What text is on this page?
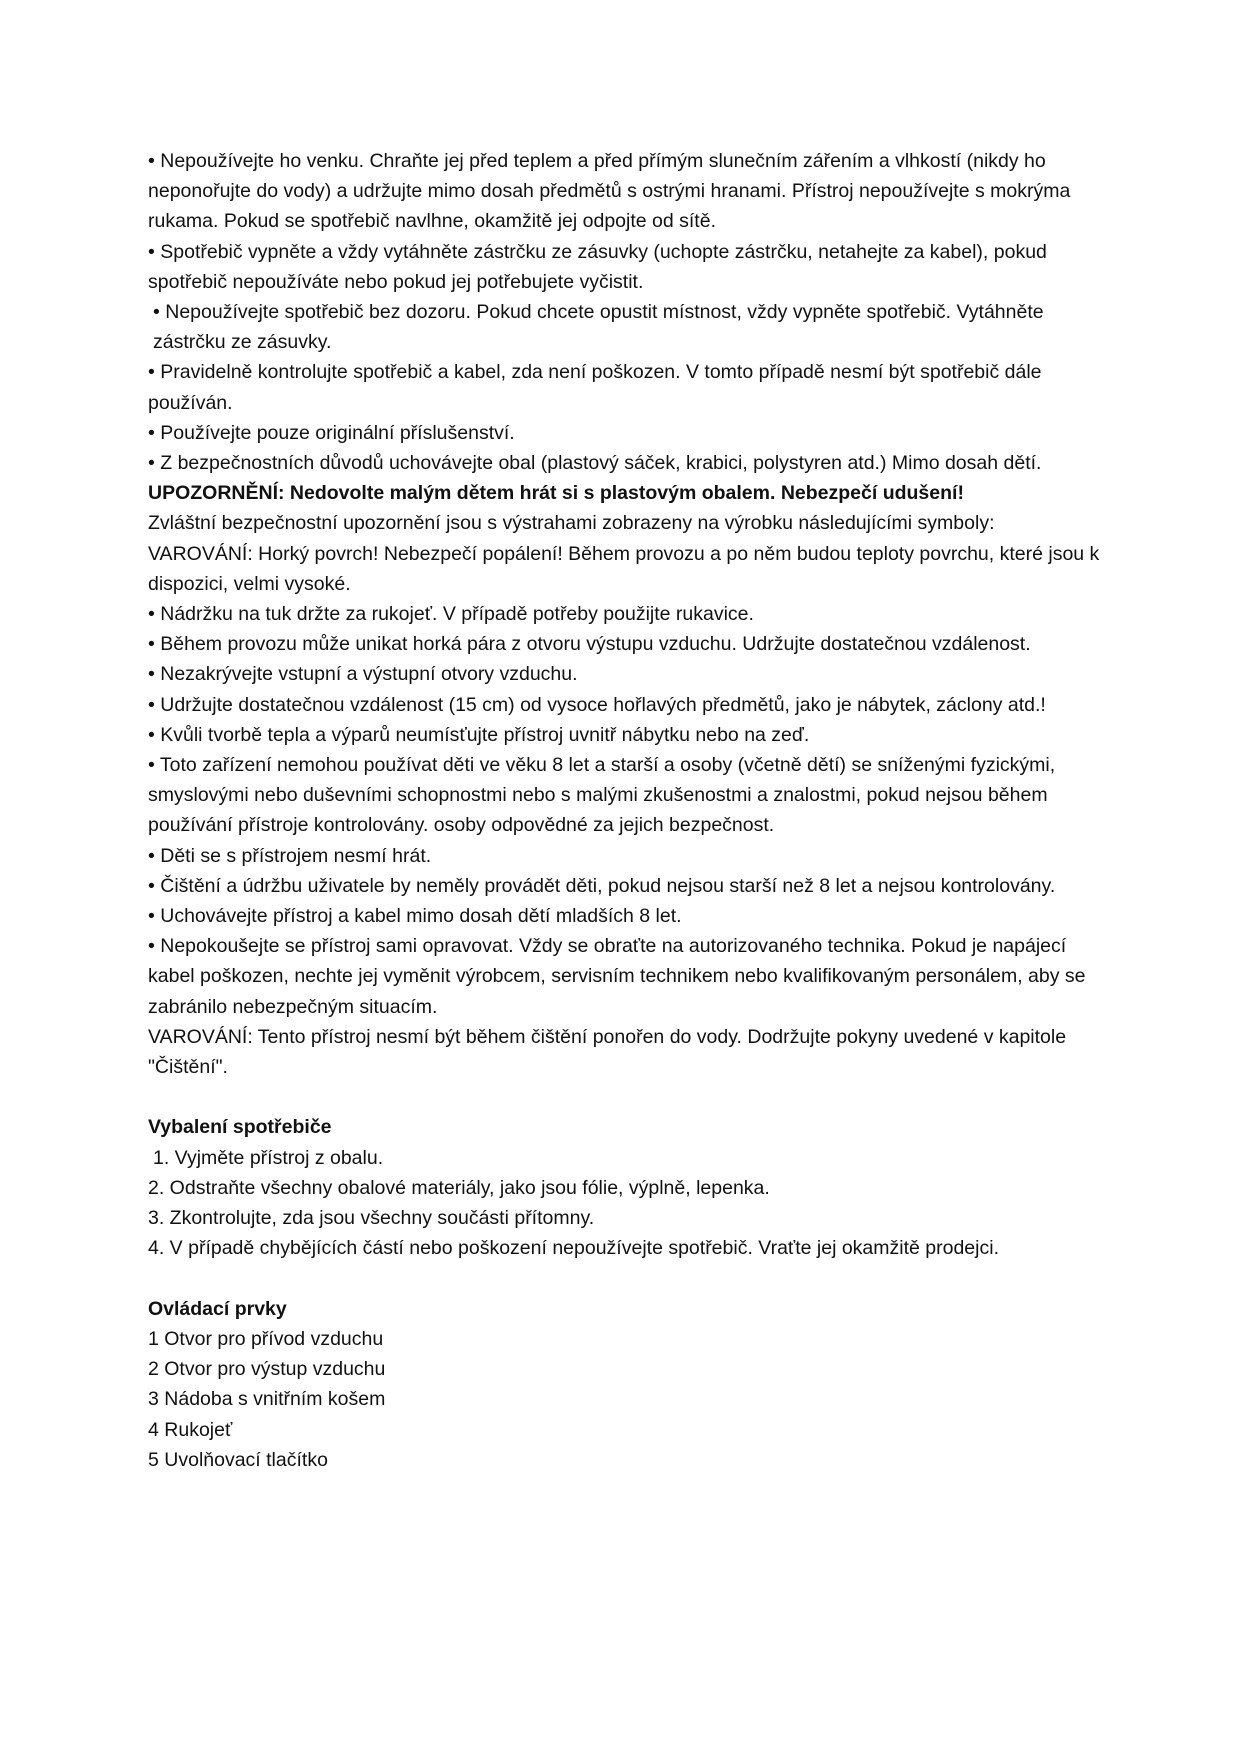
• Nepoužívejte ho venku. Chraňte jej před teplem a před přímým slunečním zářením a vlhkostí (nikdy ho neponořujte do vody) a udržujte mimo dosah předmětů s ostrými hranami. Přístroj nepoužívejte s mokrýma rukama. Pokud se spotřebič navlhne, okamžitě jej odpojte od sítě.

• Spotřebič vypněte a vždy vytáhněte zástrčku ze zásuvky (uchopte zástrčku, netahejte za kabel), pokud spotřebič nepoužíváte nebo pokud jej potřebujete vyčistit.

• Nepoužívejte spotřebič bez dozoru. Pokud chcete opustit místnost, vždy vypněte spotřebič. Vytáhněte zástrčku ze zásuvky.

• Pravidelně kontrolujte spotřebič a kabel, zda není poškozen. V tomto případě nesmí být spotřebič dále používán.

• Používejte pouze originální příslušenství.

• Z bezpečnostních důvodů uchovávejte obal (plastový sáček, krabici, polystyren atd.) Mimo dosah dětí.

UPOZORNĚNÍ: Nedovolte malým dětem hrát si s plastovým obalem. Nebezpečí udušení!

Zvláštní bezpečnostní upozornění jsou s výstrahami zobrazeny na výrobku následujícími symboly:

VAROVÁNÍ: Horký povrch! Nebezpečí popálení! Během provozu a po něm budou teploty povrchu, které jsou k dispozici, velmi vysoké.

• Nádržku na tuk držte za rukojeť. V případě potřeby použijte rukavice.

• Během provozu může unikat horká pára z otvoru výstupu vzduchu. Udržujte dostatečnou vzdálenost.

• Nezakrývejte vstupní a výstupní otvory vzduchu.

• Udržujte dostatečnou vzdálenost (15 cm) od vysoce hořlavých předmětů, jako je nábytek, záclony atd.!

• Kvůli tvorbě tepla a výparů neumísťujte přístroj uvnitř nábytku nebo na zeď.

• Toto zařízení nemohou používat děti ve věku 8 let a starší a osoby (včetně dětí) se sníženými fyzickými, smyslovými nebo duševními schopnostmi nebo s malými zkušenostmi a znalostmi, pokud nejsou během používání přístroje kontrolovány. osoby odpovědné za jejich bezpečnost.

• Děti se s přístrojem nesmí hrát.

• Čištění a údržbu uživatele by neměly provádět děti, pokud nejsou starší než 8 let a nejsou kontrolovány.

• Uchovávejte přístroj a kabel mimo dosah dětí mladších 8 let.

• Nepokoušejte se přístroj sami opravovat. Vždy se obraťte na autorizovaného technika. Pokud je napájecí kabel poškozen, nechte jej vyměnit výrobcem, servisním technikem nebo kvalifikovaným personálem, aby se zabránilo nebezpečným situacím.

VAROVÁNÍ: Tento přístroj nesmí být během čištění ponořen do vody. Dodržujte pokyny uvedené v kapitole "Čištění".

Vybalení spotřebiče

1. Vyjměte přístroj z obalu.

2. Odstraňte všechny obalové materiály, jako jsou fólie, výplně, lepenka.

3. Zkontrolujte, zda jsou všechny součásti přítomny.

4. V případě chybějících částí nebo poškození nepoužívejte spotřebič. Vraťte jej okamžitě prodejci.

Ovládací prvky

1 Otvor pro přívod vzduchu

2 Otvor pro výstup vzduchu

3 Nádoba s vnitřním košem

4 Rukojeť

5 Uvolňovací tlačítko
